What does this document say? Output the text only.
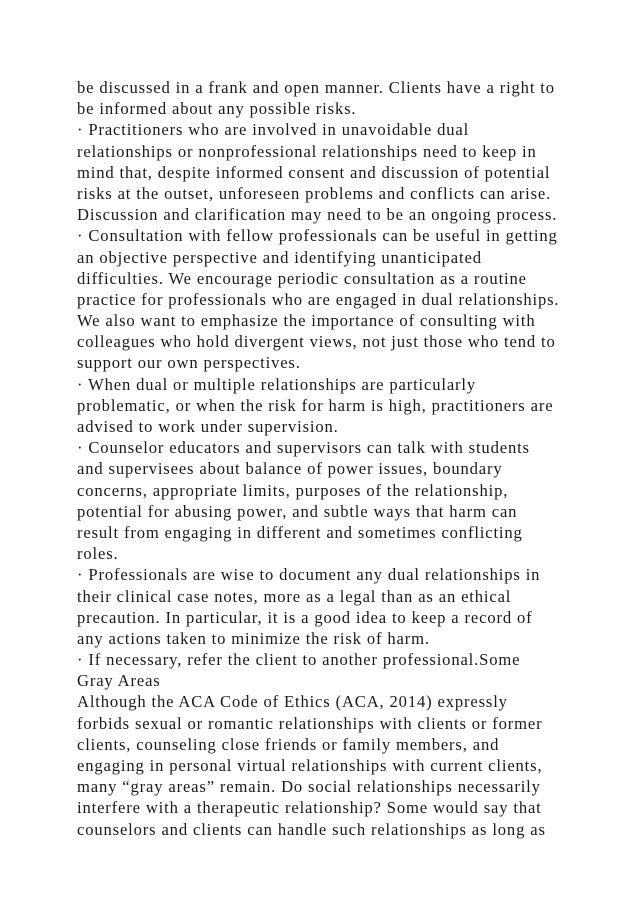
be discussed in a frank and open manner. Clients have a right to
be informed about any possible risks.
· Practitioners who are involved in unavoidable dual
relationships or nonprofessional relationships need to keep in
mind that, despite informed consent and discussion of potential
risks at the outset, unforeseen problems and conflicts can arise.
Discussion and clarification may need to be an ongoing process.
· Consultation with fellow professionals can be useful in getting
an objective perspective and identifying unanticipated
difficulties. We encourage periodic consultation as a routine
practice for professionals who are engaged in dual relationships.
We also want to emphasize the importance of consulting with
colleagues who hold divergent views, not just those who tend to
support our own perspectives.
· When dual or multiple relationships are particularly
problematic, or when the risk for harm is high, practitioners are
advised to work under supervision.
· Counselor educators and supervisors can talk with students
and supervisees about balance of power issues, boundary
concerns, appropriate limits, purposes of the relationship,
potential for abusing power, and subtle ways that harm can
result from engaging in different and sometimes conflicting
roles.
· Professionals are wise to document any dual relationships in
their clinical case notes, more as a legal than as an ethical
precaution. In particular, it is a good idea to keep a record of
any actions taken to minimize the risk of harm.
· If necessary, refer the client to another professional.Some
Gray Areas
Although the ACA Code of Ethics (ACA, 2014) expressly
forbids sexual or romantic relationships with clients or former
clients, counseling close friends or family members, and
engaging in personal virtual relationships with current clients,
many “gray areas” remain. Do social relationships necessarily
interfere with a therapeutic relationship? Some would say that
counselors and clients can handle such relationships as long as
